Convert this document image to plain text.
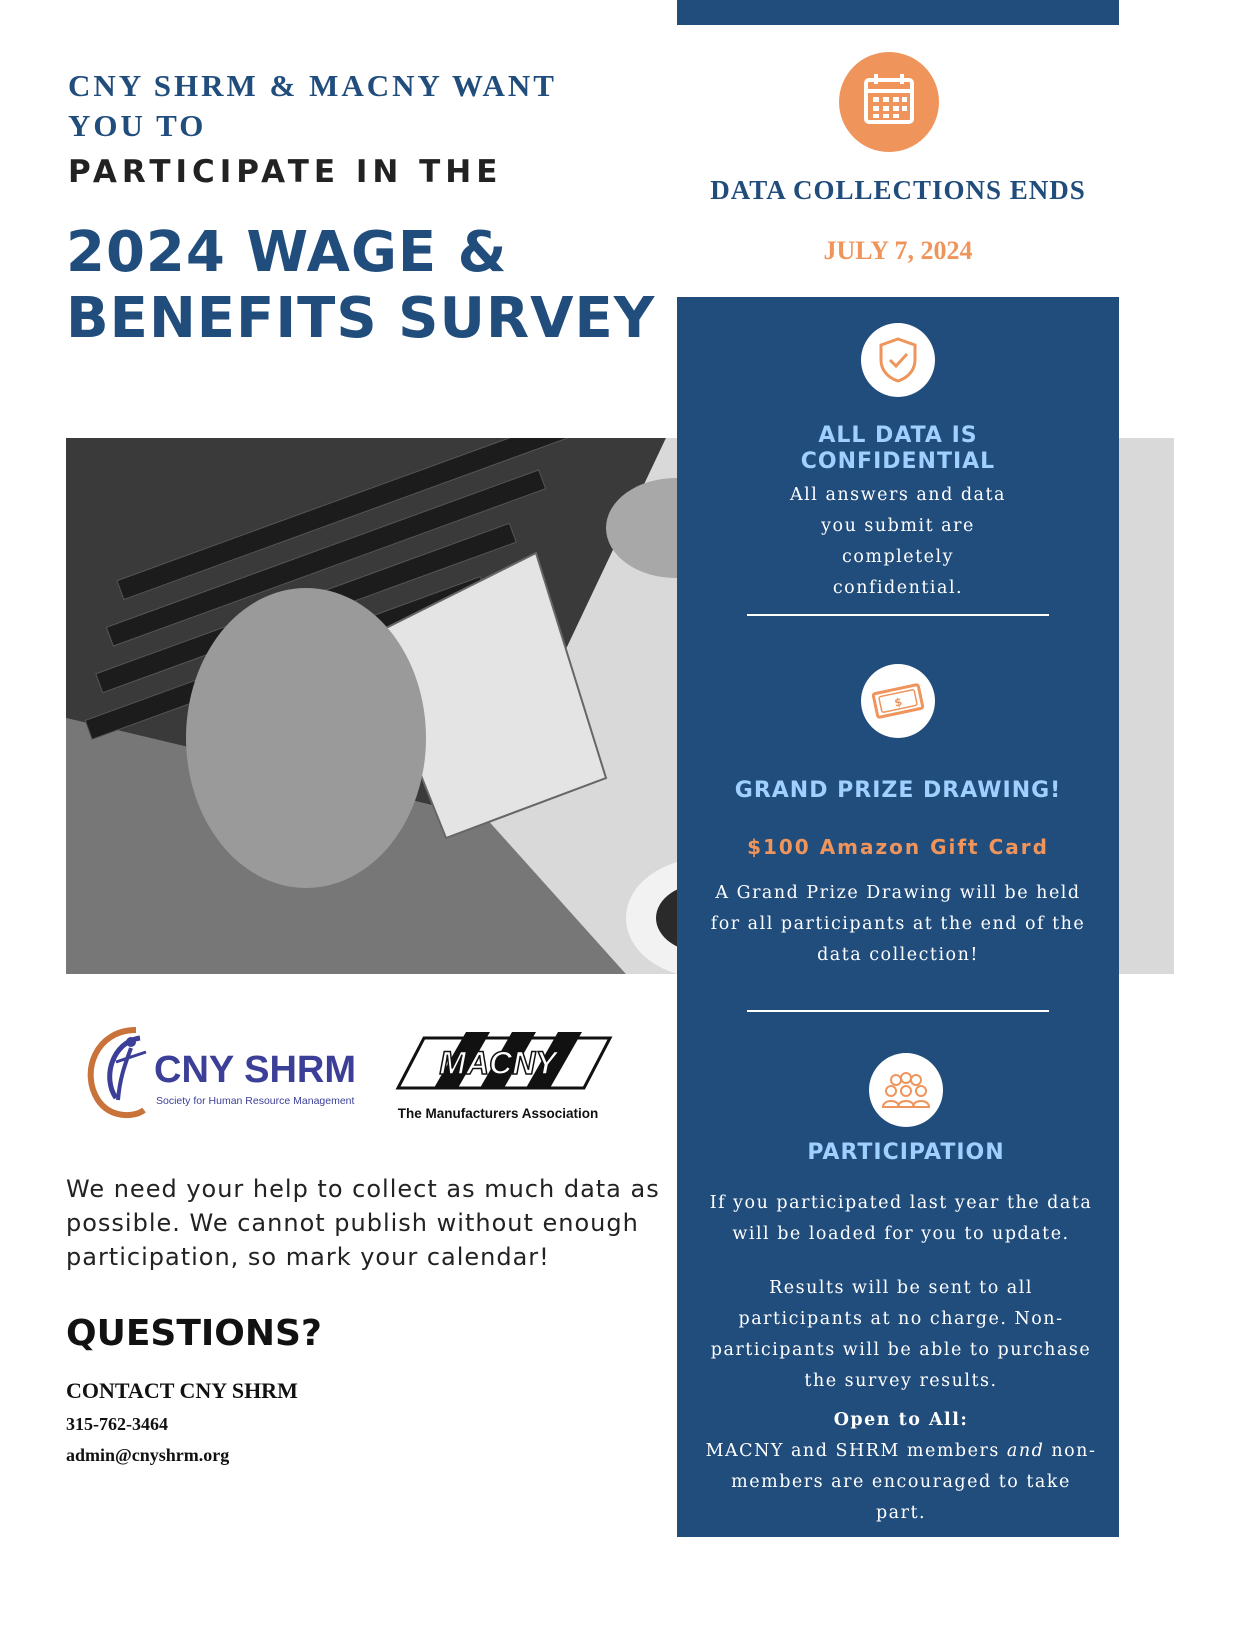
CNY SHRM & MACNY WANT YOU TO
PARTICIPATE IN THE
2024 WAGE &
BENEFITS SURVEY
DATA COLLECTIONS ENDS
JULY 7, 2024
ALL DATA IS
CONFIDENTIAL
All answers and data you submit are completely confidential.
$
GRAND PRIZE DRAWING!
$100 Amazon Gift Card
A Grand Prize Drawing will be held for all participants at the end of the data collection!
PARTICIPATION
If you participated last year the data will be loaded for you to update.
Results will be sent to all participants at no charge. Non-participants will be able to purchase the survey results.
Open to All:
MACNY and SHRM members and non-members are encouraged to take part.
CNY SHRM
Society for Human Resource Management
MACNY
The Manufacturers Association
We need your help to collect as much data as possible. We cannot publish without enough participation, so mark your calendar!
QUESTIONS?
CONTACT CNY SHRM
315-762-3464
admin@cnyshrm.org
